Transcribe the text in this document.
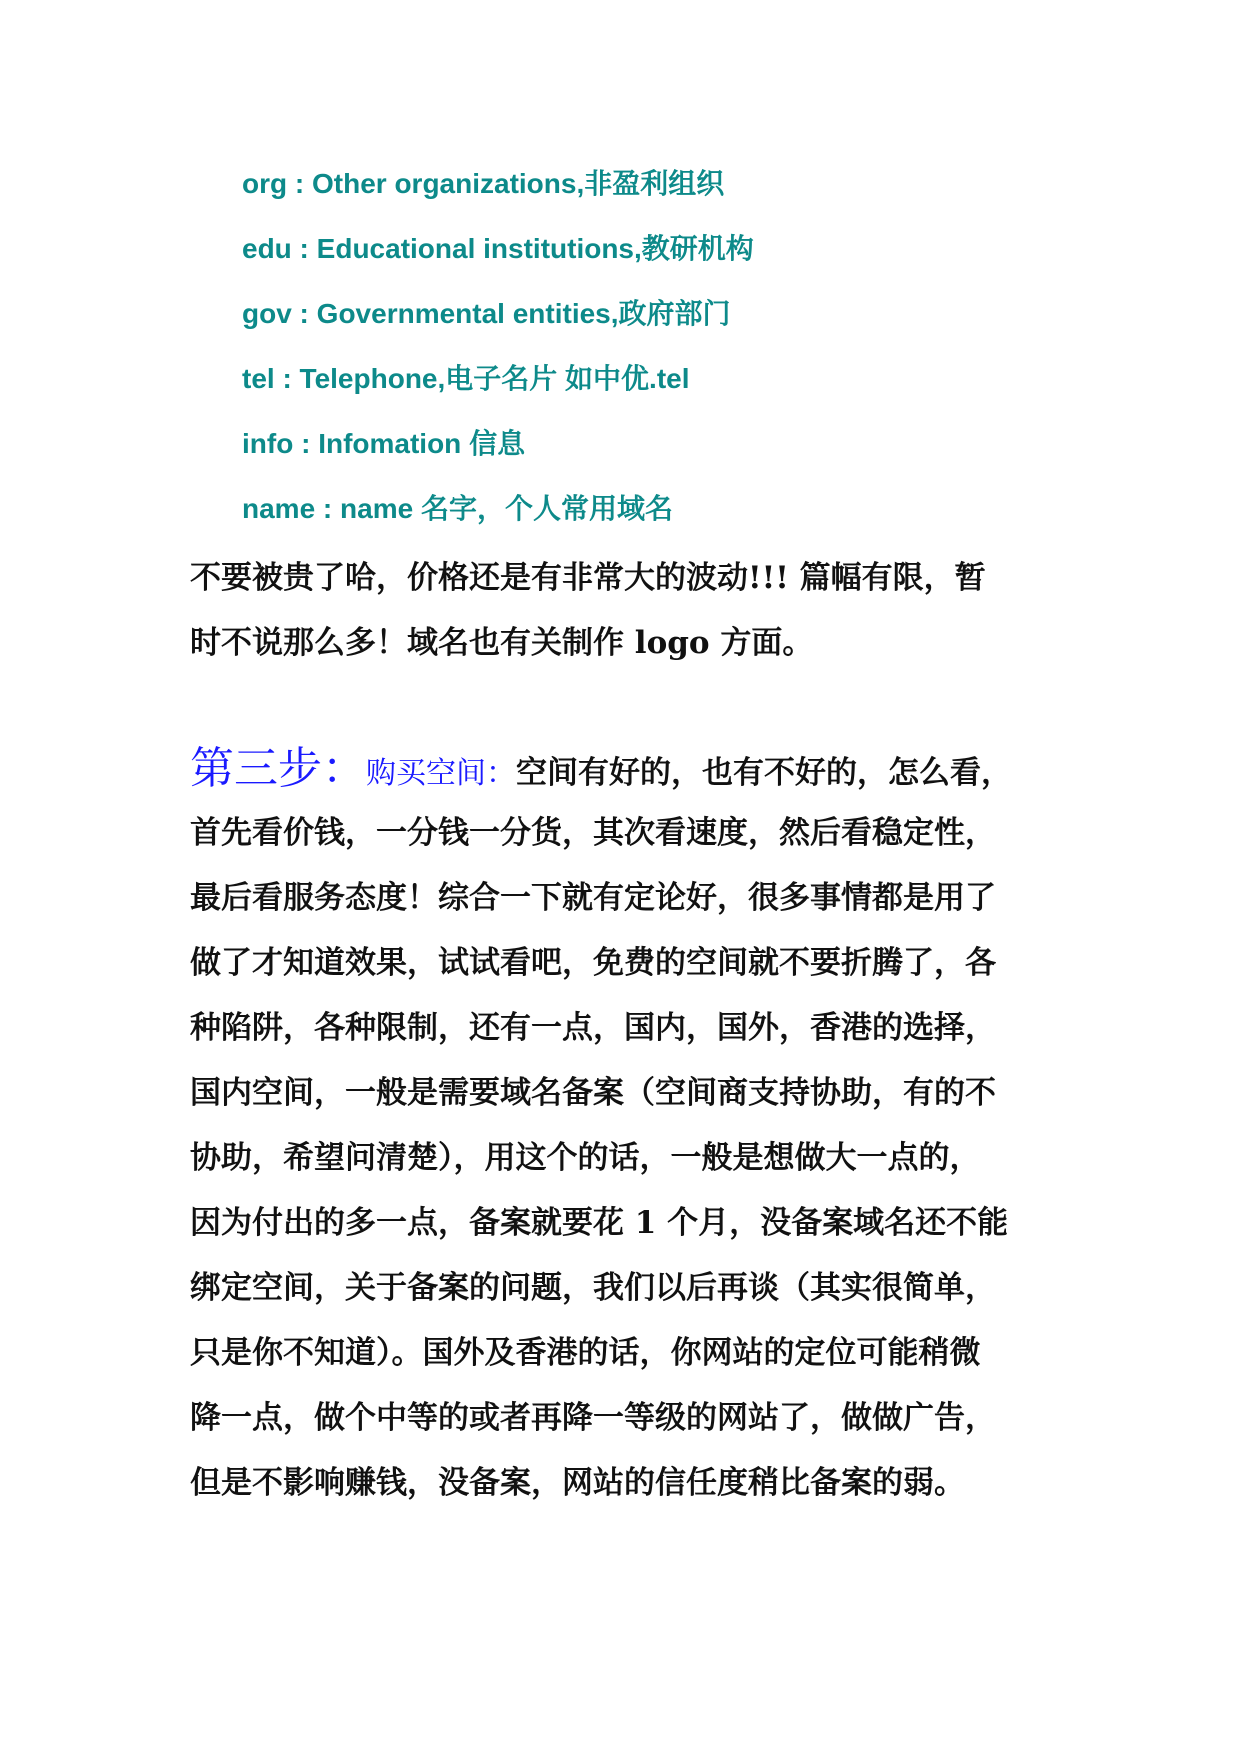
org : Other organizations,非盈利组织
edu : Educational institutions,教研机构
gov : Governmental entities,政府部门
tel : Telephone,电子名片 如中优.tel
info : Infomation 信息
name : name 名字，个人常用域名
不要被贵了哈，价格还是有非常大的波动!!! 篇幅有限，暂
时不说那么多！域名也有关制作 logo 方面。
第三步：购买空间：空间有好的，也有不好的，怎么看，
首先看价钱，一分钱一分货，其次看速度，然后看稳定性，
最后看服务态度！综合一下就有定论好，很多事情都是用了
做了才知道效果，试试看吧，免费的空间就不要折腾了，各
种陷阱，各种限制，还有一点，国内，国外，香港的选择，
国内空间，一般是需要域名备案（空间商支持协助，有的不
协助，希望问清楚），用这个的话，一般是想做大一点的，
因为付出的多一点，备案就要花 1 个月，没备案域名还不能
绑定空间，关于备案的问题，我们以后再谈（其实很简单，
只是你不知道）。国外及香港的话，你网站的定位可能稍微
降一点，做个中等的或者再降一等级的网站了，做做广告，
但是不影响赚钱，没备案，网站的信任度稍比备案的弱。
